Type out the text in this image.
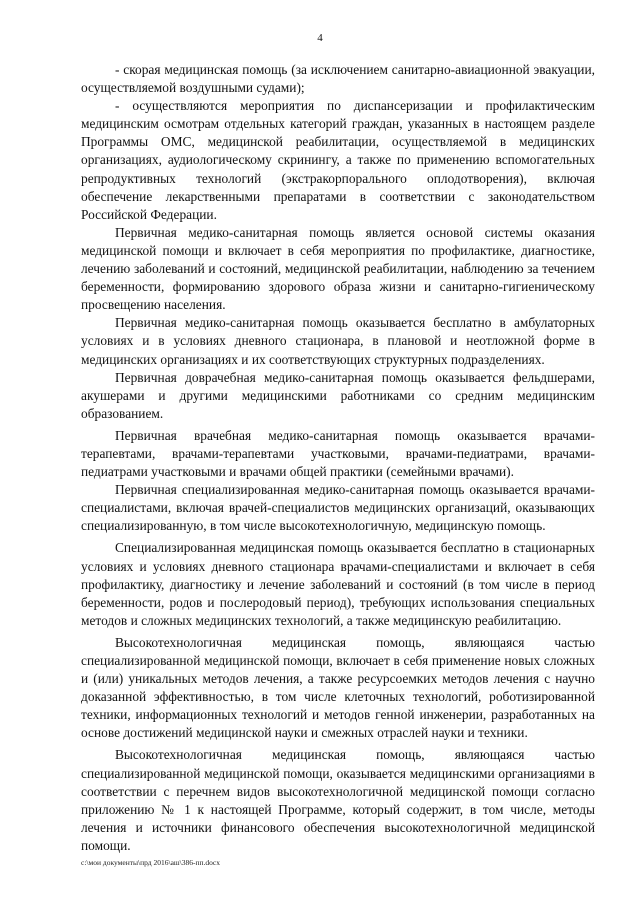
4

- скорая медицинская помощь (за исключением санитарно-авиационной эвакуации, осуществляемой воздушными судами);

- осуществляются мероприятия по диспансеризации и профилактическим медицинским осмотрам отдельных категорий граждан, указанных в настоящем разделе Программы ОМС, медицинской реабилитации, осуществляемой в медицинских организациях, аудиологическому скринингу, а также по применению вспомогательных репродуктивных технологий (экстракорпорального оплодотворения), включая обеспечение лекарственными препаратами в соответствии с законодательством Российской Федерации.

Первичная медико-санитарная помощь является основой системы оказания медицинской помощи и включает в себя мероприятия по профилактике, диагностике, лечению заболеваний и состояний, медицинской реабилитации, наблюдению за течением беременности, формированию здорового образа жизни и санитарно-гигиеническому просвещению населения.

Первичная медико-санитарная помощь оказывается бесплатно в амбулаторных условиях и в условиях дневного стационара, в плановой и неотложной форме в медицинских организациях и их соответствующих структурных подразделениях.

Первичная доврачебная медико-санитарная помощь оказывается фельдшерами, акушерами и другими медицинскими работниками со средним медицинским образованием.

Первичная врачебная медико-санитарная помощь оказывается врачами-терапевтами, врачами-терапевтами участковыми, врачами-педиатрами, врачами-педиатрами участковыми и врачами общей практики (семейными врачами).

Первичная специализированная медико-санитарная помощь оказывается врачами-специалистами, включая врачей-специалистов медицинских организаций, оказывающих специализированную, в том числе высокотехнологичную, медицинскую помощь.

Специализированная медицинская помощь оказывается бесплатно в стационарных условиях и условиях дневного стационара врачами-специалистами и включает в себя профилактику, диагностику и лечение заболеваний и состояний (в том числе в период беременности, родов и послеродовый период), требующих использования специальных методов и сложных медицинских технологий, а также медицинскую реабилитацию.

Высокотехнологичная медицинская помощь, являющаяся частью специализированной медицинской помощи, включает в себя применение новых сложных и (или) уникальных методов лечения, а также ресурсоемких методов лечения с научно доказанной эффективностью, в том числе клеточных технологий, роботизированной техники, информационных технологий и методов генной инженерии, разработанных на основе достижений медицинской науки и смежных отраслей науки и техники.

Высокотехнологичная медицинская помощь, являющаяся частью специализированной медицинской помощи, оказывается медицинскими организациями в соответствии с перечнем видов высокотехнологичной медицинской помощи согласно приложению № 1 к настоящей Программе, который содержит, в том числе, методы лечения и источники финансового обеспечения высокотехнологичной медицинской помощи.

c:\мои документы\прд 2016\аш\386-пп.docx
